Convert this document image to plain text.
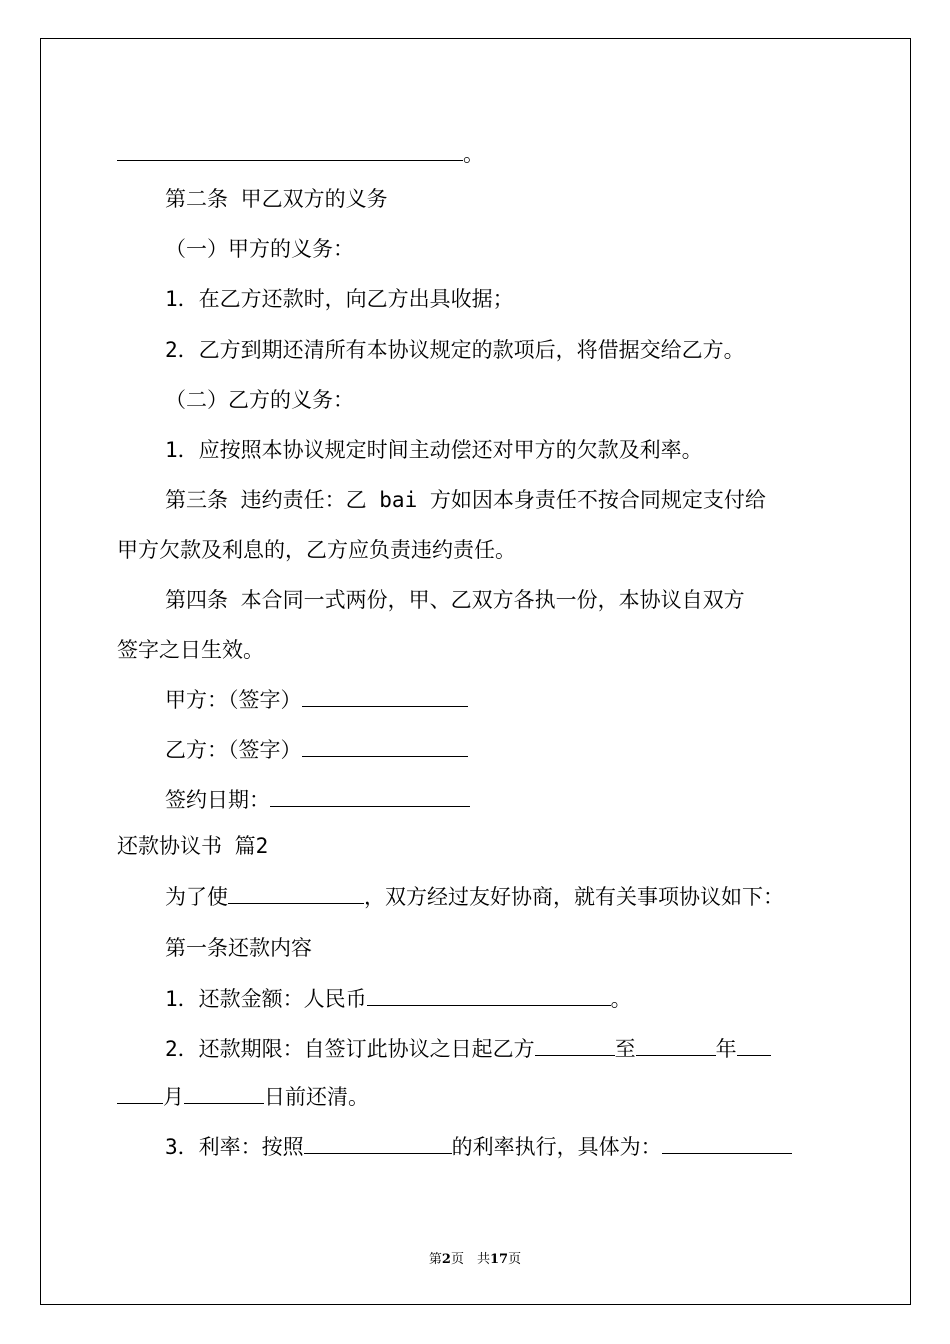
。
第二条 甲乙双方的义务
（一）甲方的义务：
1．在乙方还款时，向乙方出具收据；
2．乙方到期还清所有本协议规定的款项后，将借据交给乙方。
（二）乙方的义务：
1．应按照本协议规定时间主动偿还对甲方的欠款及利率。
第三条 违约责任：乙 bai 方如因本身责任不按合同规定支付给
甲方欠款及利息的，乙方应负责违约责任。
第四条 本合同一式两份，甲、乙双方各执一份，本协议自双方
签字之日生效。
甲方：（签字）
乙方：（签字）
签约日期：
还款协议书 篇2
为了使	，双方经过友好协商，就有关事项协议如下：
第一条还款内容
1．还款金额：人民币	。
2．还款期限：自签订此协议之日起乙方	至	年
月	日前还清。
3．利率：按照	的利率执行，具体为：
第2页　共17页
